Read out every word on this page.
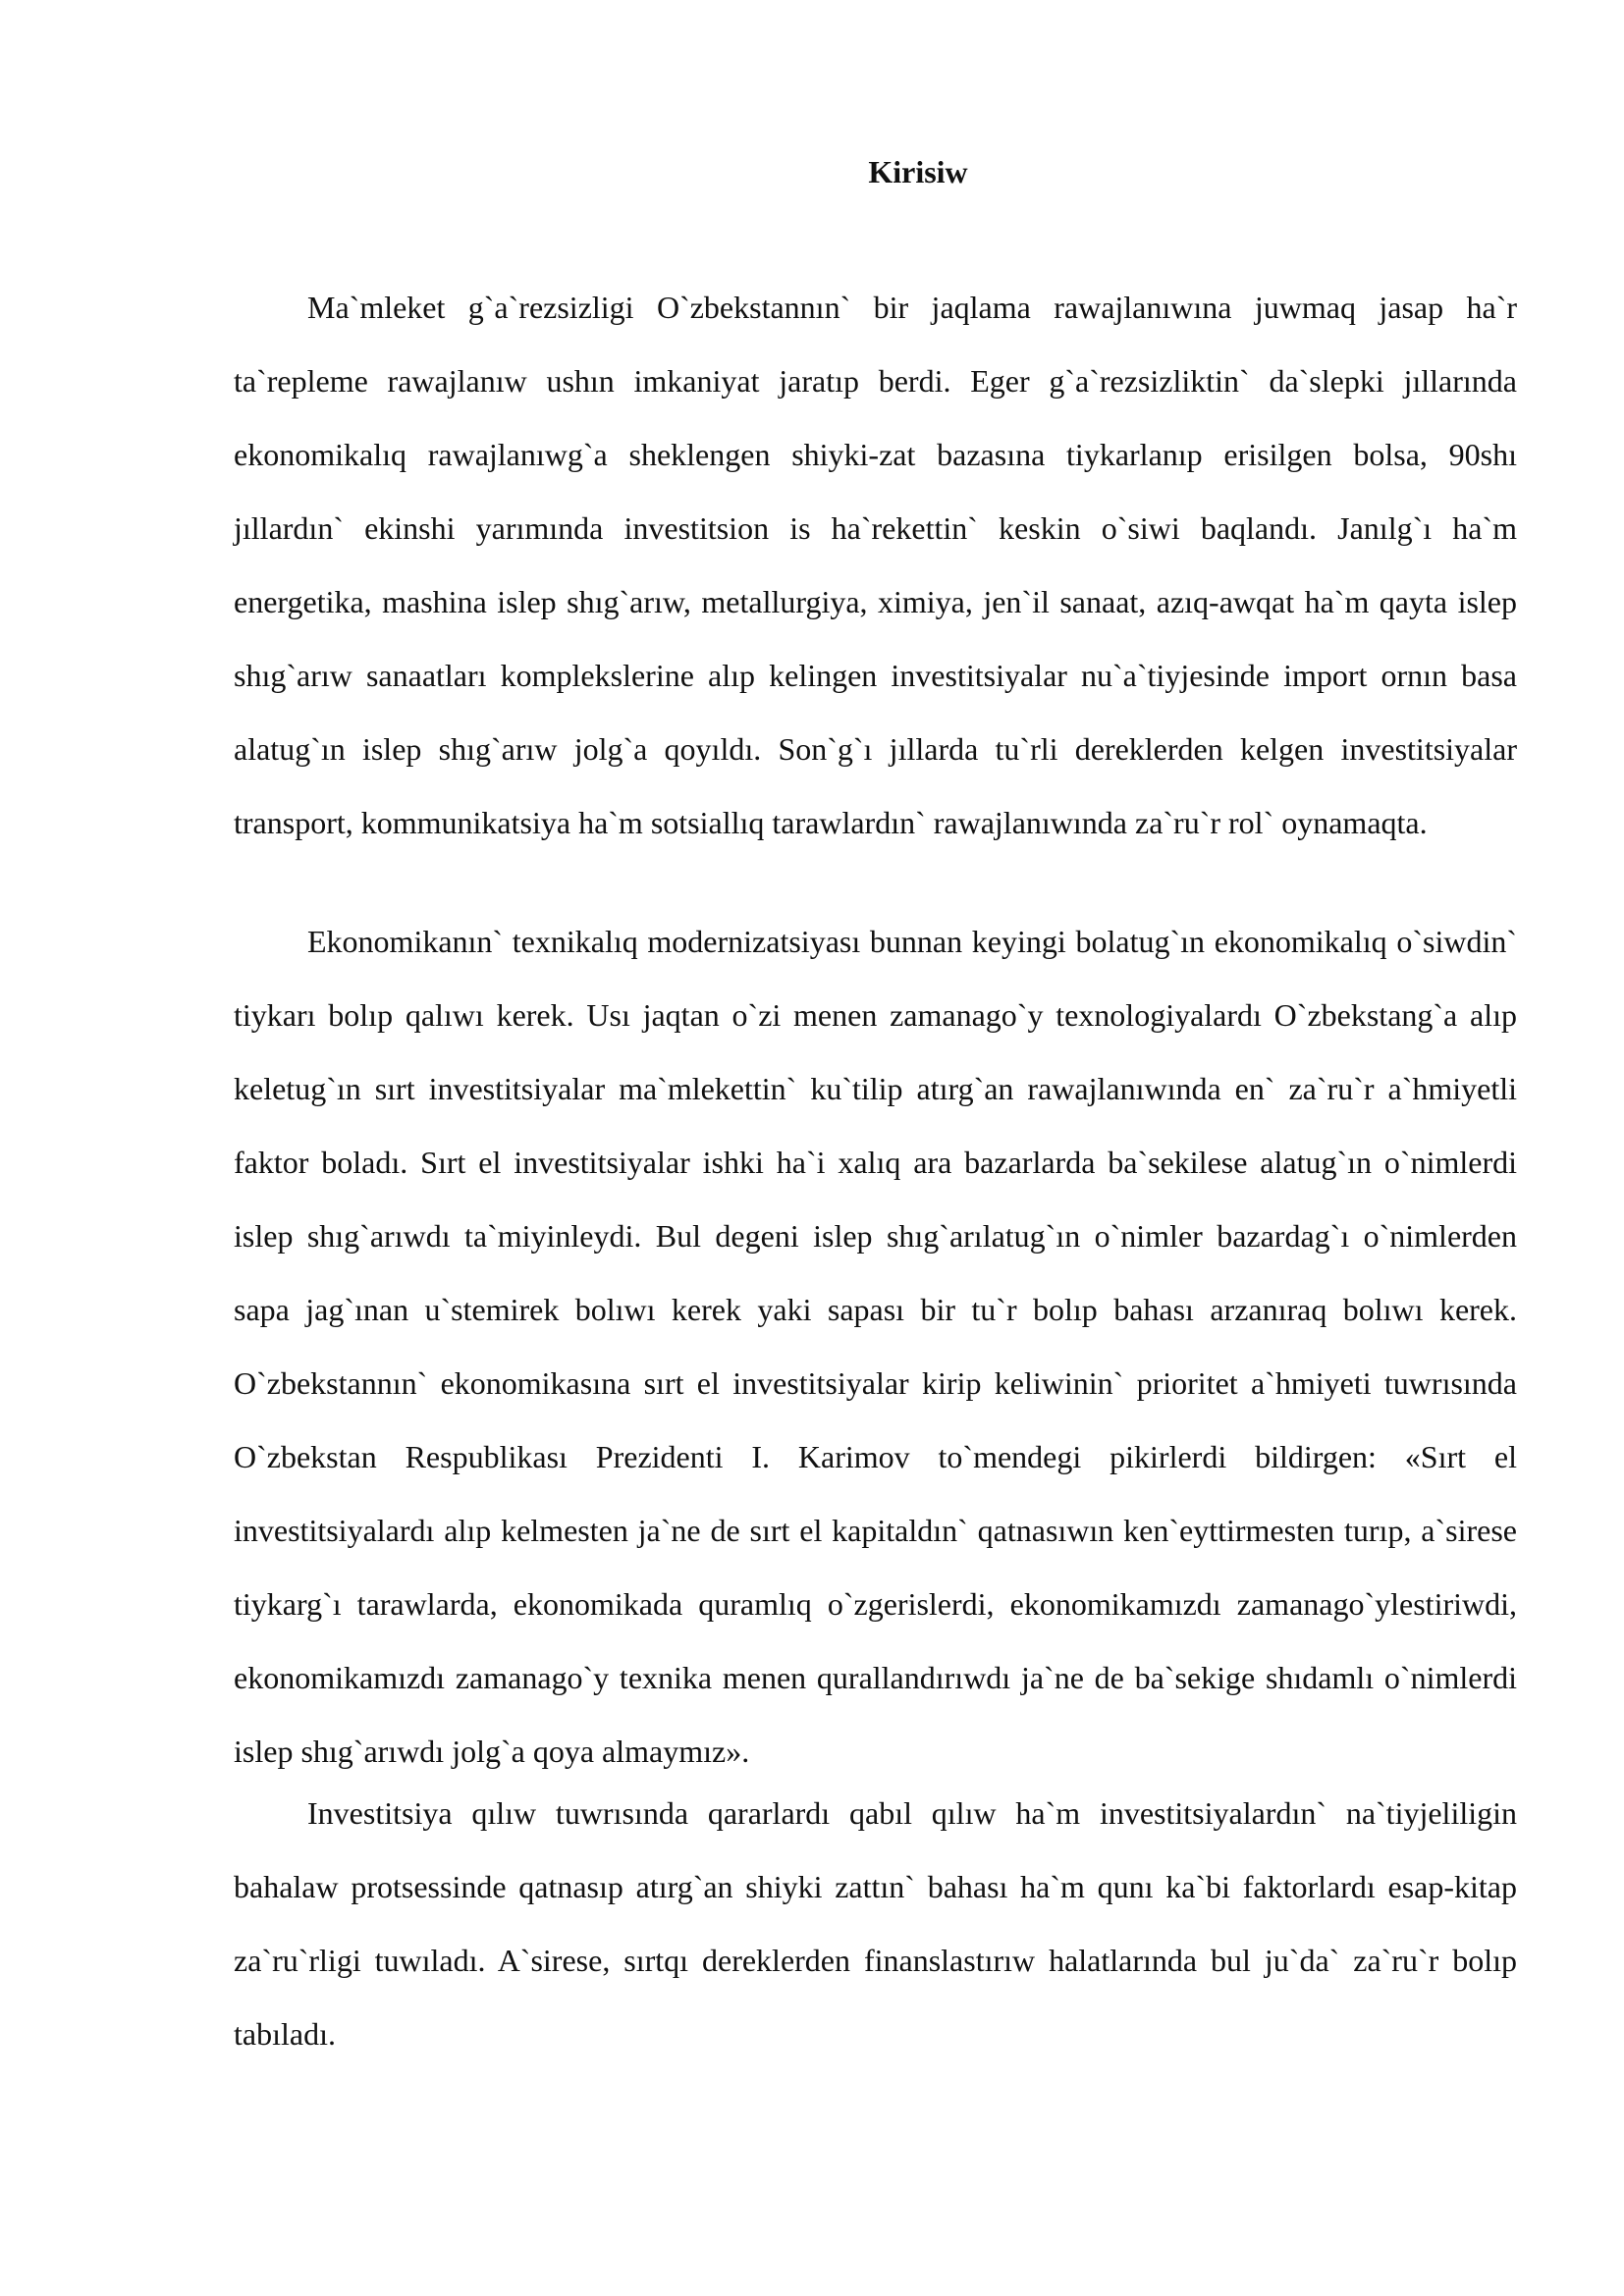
Kirisiw

Ma`mleket g`a`rezsizligi O`zbekstannın` bir jaqlama rawajlanıwına juwmaq jasap ha`r ta`repleme rawajlanıw ushın imkaniyat jaratıp berdi. Eger g`a`rezsizliktin` da`slepki jıllarında ekonomikalıq rawajlanıwg`a sheklengen shiyki-zat bazasına tiykarlanıp erisilgen bolsa, 90shı jıllardın` ekinshi yarımında investitsion is ha`rekettin` keskin o`siwi baqlandı. Janılg`ı ha`m energetika, mashina islep shıg`arıw, metallurgiya, ximiya, jen`il sanaat, azıq-awqat ha`m qayta islep shıg`arıw sanaatları komplekslerine alıp kelingen investitsiyalar nu`a`tiyjesinde import ornın basa alatug`ın islep shıg`arıw jolg`a qoyıldı. Son`g`ı jıllarda tu`rli dereklerden kelgen investitsiyalar transport, kommunikatsiya ha`m sotsiallıq tarawlardın` rawajlanıwında za`ru`r rol` oynamaqta.

Ekonomikanın` texnikalıq modernizatsiyası bunnan keyingi bolatug`ın ekonomikalıq o`siwdin` tiykarı bolıp qalıwı kerek. Usı jaqtan o`zi menen zamanago`y texnologiyalardı O`zbekstang`a alıp keletug`ın sırt investitsiyalar ma`mlekettin` ku`tilip atırg`an rawajlanıwında en` za`ru`r a`hmiyetli faktor boladı. Sırt el investitsiyalar ishki ha`i xalıq ara bazarlarda ba`sekilese alatug`ın o`nimlerdi islep shıg`arıwdı ta`miyinleydi. Bul degeni islep shıg`arılatug`ın o`nimler bazardag`ı o`nimlerden sapa jag`ınan u`stemirek bolıwı kerek yaki sapası bir tu`r bolıp bahası arzanıraq bolıwı kerek. O`zbekstannın` ekonomikasına sırt el investitsiyalar kirip keliwinin` prioritet a`hmiyeti tuwrısında O`zbekstan Respublikası Prezidenti I. Karimov to`mendegi pikirlerdi bildirgen: «Sırt el investitsiyalardı alıp kelmesten ja`ne de sırt el kapitaldın` qatnasıwın ken`eyttirmesten turıp, a`sirese tiykarg`ı tarawlarda, ekonomikada quramlıq o`zgerislerdi, ekonomikamızdı zamanago`ylestiriwdi, ekonomikamızdı zamanago`y texnika menen qurallandırıwdı ja`ne de ba`sekige shıdamlı o`nimlerdi islep shıg`arıwdı jolg`a qoya almaymız».

Investitsiya qılıw tuwrısında qararlardı qabıl qılıw ha`m investitsiyalardın` na`tiyjeliligin bahalaw protsessinde qatnasıp atırg`an shiyki zattın` bahası ha`m qunı ka`bi faktorlardı esap-kitap za`ru`rligi tuwıladı. A`sirese, sırtqı dereklerden finanslastırıw halatlarında bul ju`da` za`ru`r bolıp tabıladı.
